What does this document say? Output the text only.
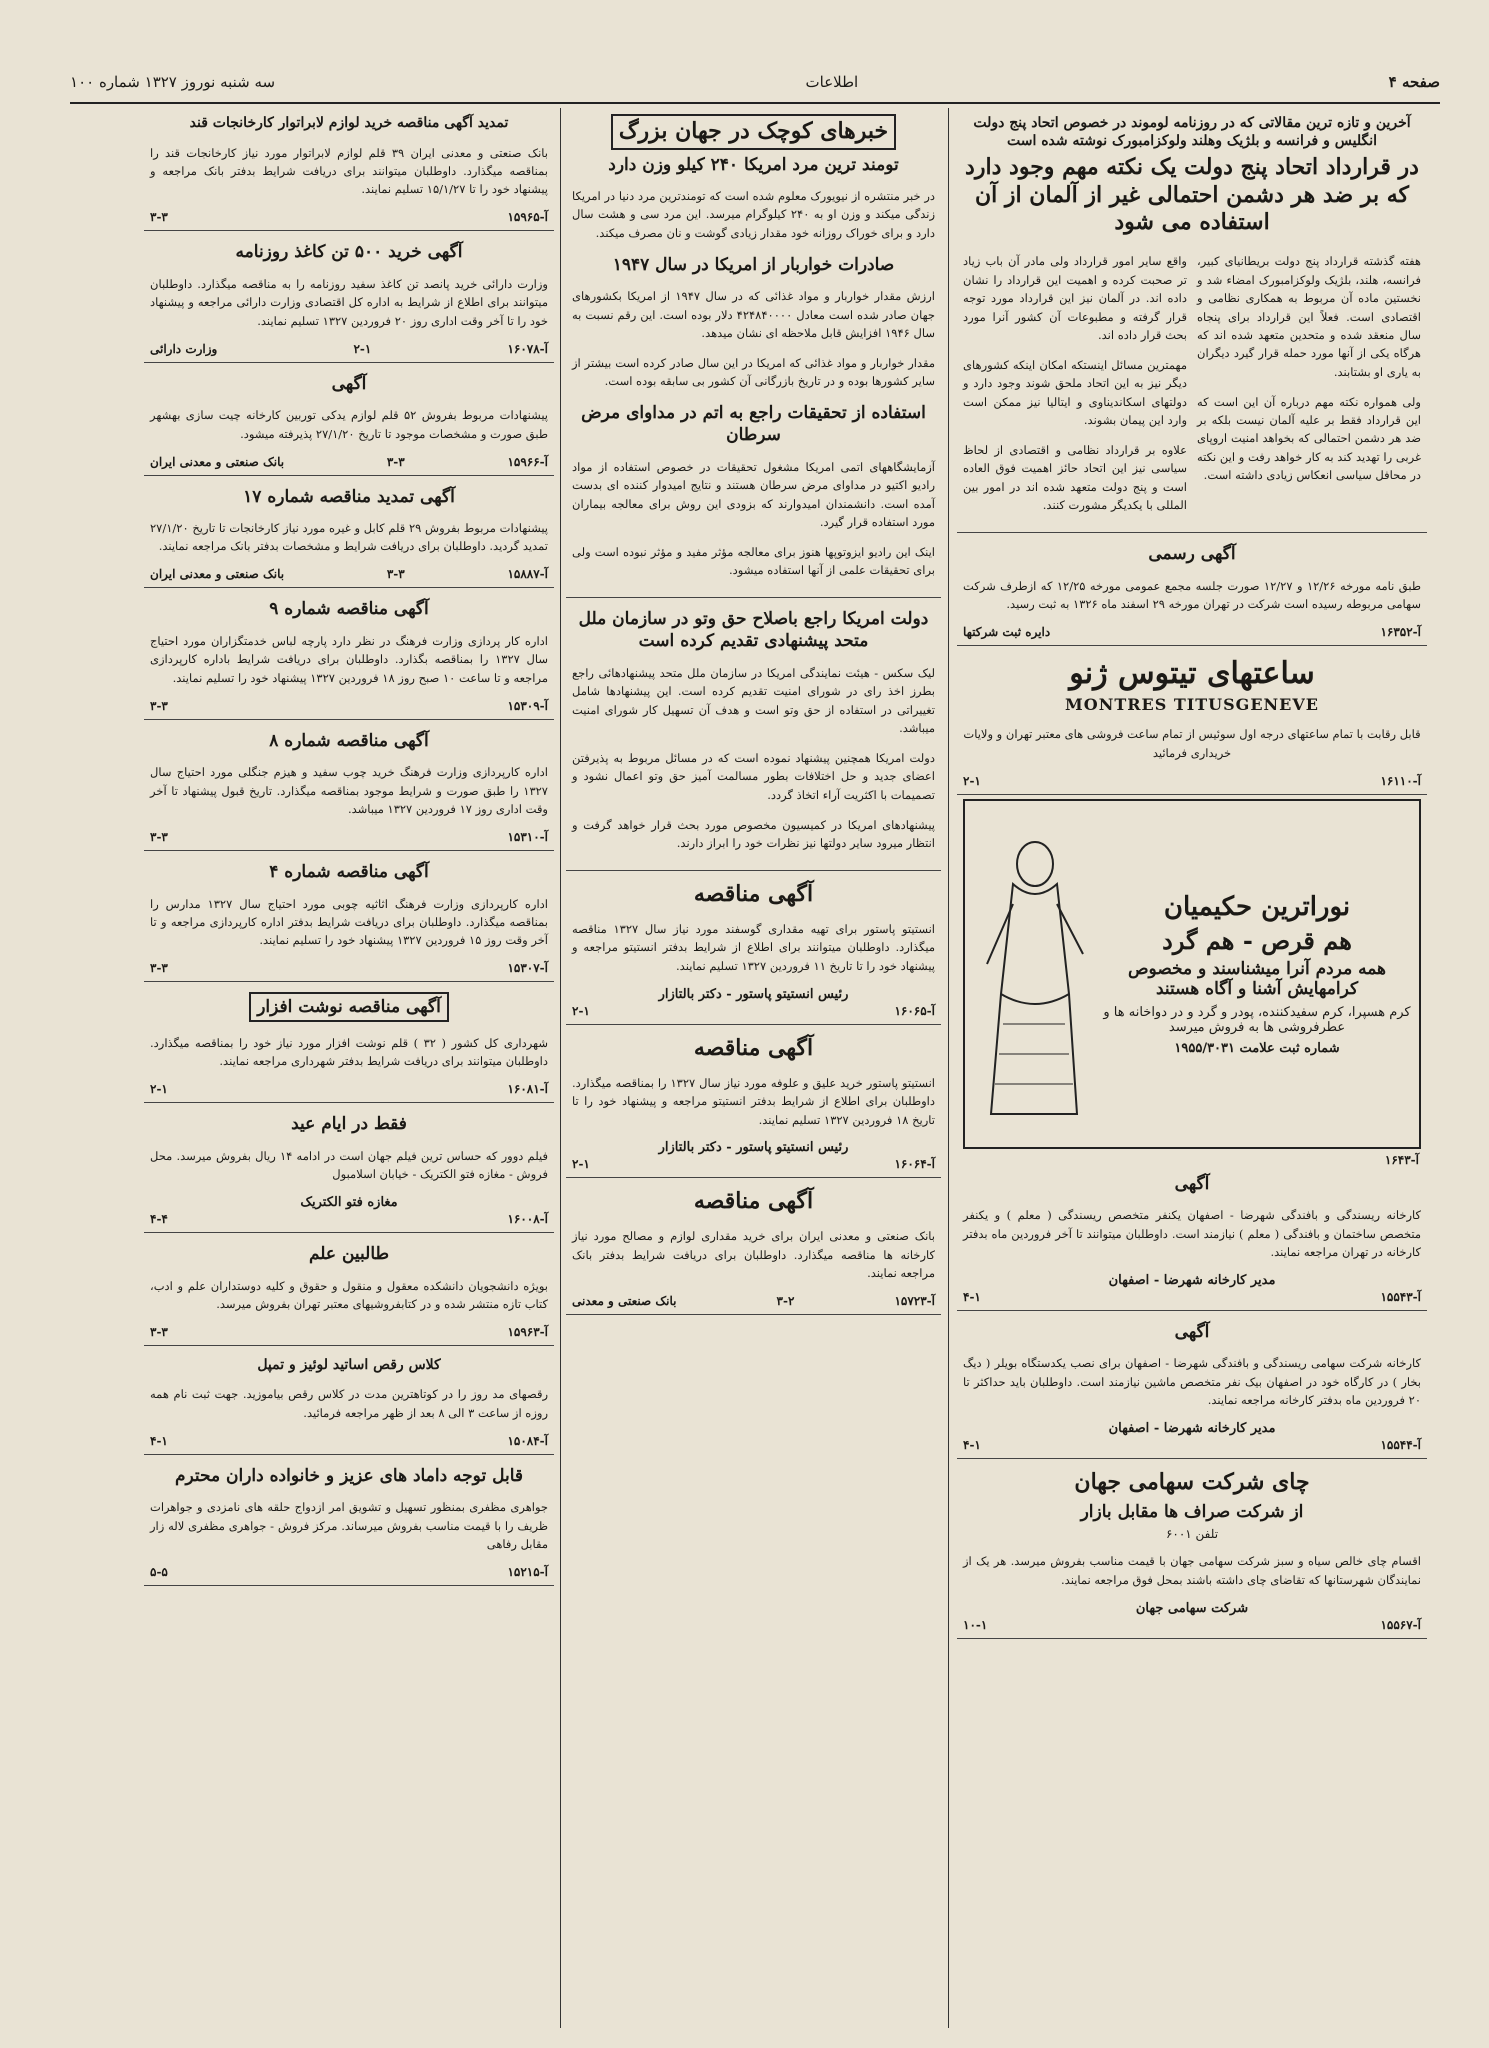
صفحه ۴
اطلاعات
سه شنبه نوروز ۱۳۲۷ شماره ۱۰۰
آخرین و تازه ترین مقالاتی که در روزنامه لوموند در خصوص اتحاد پنج دولت انگلیس و فرانسه و بلژیک وهلند ولوکزامبورک نوشته شده است
در قرارداد اتحاد پنج دولت یک نکته مهم وجود دارد که بر ضد هر دشمن احتمالی غیر از آلمان از آن استفاده می شود

هفته گذشته قرارداد پنج دولت بریطانیای کبیر، فرانسه، هلند، بلژیک ولوکزامبورک امضاء شد و نخستین ماده آن مربوط به همکاری نظامی و اقتصادی است. فعلاً این قرارداد برای پنجاه سال منعقد شده و متحدین متعهد شده اند که هرگاه یکی از آنها مورد حمله قرار گیرد دیگران به یاری او بشتابند.

ولی همواره نکته مهم درباره آن این است که این قرارداد فقط بر علیه آلمان نیست بلکه بر ضد هر دشمن احتمالی که بخواهد امنیت اروپای غربی را تهدید کند به کار خواهد رفت و این نکته در محافل سیاسی انعکاس زیادی داشته است.

واقع سایر امور قرارداد ولی مادر آن باب زیاد تر صحبت کرده و اهمیت این قرارداد را نشان داده اند. در آلمان نیز این قرارداد مورد توجه قرار گرفته و مطبوعات آن کشور آنرا مورد بحث قرار داده اند.

مهمترین مسائل اینستکه امکان اینکه کشورهای دیگر نیز به این اتحاد ملحق شوند وجود دارد و دولتهای اسکاندیناوی و ایتالیا نیز ممکن است وارد این پیمان بشوند.

علاوه بر قرارداد نظامی و اقتصادی از لحاظ سیاسی نیز این اتحاد حائز اهمیت فوق العاده است و پنج دولت متعهد شده اند در امور بین المللی با یکدیگر مشورت کنند.

آگهی رسمی

طبق نامه مورخه ۱۲/۲۶ و ۱۲/۲۷ صورت جلسه مجمع عمومی مورخه ۱۲/۲۵ که ازطرف شرکت سهامی مربوطه رسیده است شرکت در تهران مورخه ۲۹ اسفند ماه ۱۳۲۶ به ثبت رسید.

آ-۱۶۳۵۲
دایره ثبت شرکتها
ساعتهای تیتوس ژنو
MONTRES TITUSGENEVE

قابل رقابت با تمام ساعتهای درجه اول سوئیس از تمام ساعت فروشی های معتبر تهران و ولایات خریداری فرمائید

آ-۱۶۱۱۰
۲-۱
نوراترین حکیمیان
هم قرص - هم گرد
همه مردم آنرا میشناسند و مخصوص کرامهایش آشنا و آگاه هستند
کرم هسپرا، کرم سفیدکننده، پودر و گرد و در دواخانه ها و عطرفروشی ها به فروش میرسد
شماره ثبت علامت ۱۹۵۵/۳۰۳۱
آ-۱۶۴۳
آگهی

کارخانه ریسندگی و بافندگی شهرضا - اصفهان یکنفر متخصص ریسندگی ( معلم ) و یکنفر متخصص ساختمان و بافندگی ( معلم ) نیازمند است. داوطلبان میتوانند تا آخر فروردین ماه بدفتر کارخانه در تهران مراجعه نمایند.

مدیر کارخانه شهرضا - اصفهان
آ-۱۵۵۴۳
۴-۱
آگهی

کارخانه شرکت سهامی ریسندگی و بافندگی شهرضا - اصفهان برای نصب یکدستگاه بویلر ( دیگ بخار ) در کارگاه خود در اصفهان بیک نفر متخصص ماشین نیازمند است. داوطلبان باید حداکثر تا ۲۰ فروردین ماه بدفتر کارخانه مراجعه نمایند.

مدیر کارخانه شهرضا - اصفهان
آ-۱۵۵۴۴
۴-۱
چای شرکت سهامی جهان
از شرکت صراف ها مقابل بازار
تلفن ۶۰۰۱

اقسام چای خالص سیاه و سبز شرکت سهامی جهان با قیمت مناسب بفروش میرسد. هر یک از نمایندگان شهرستانها که تقاضای چای داشته باشند بمحل فوق مراجعه نمایند.

شرکت سهامی جهان
آ-۱۵۵۶۷
۱۰-۱
خبرهای کوچک در جهان بزرگ
تومند ترین مرد امریکا ۲۴۰ کیلو وزن دارد

در خبر منتشره از نیویورک معلوم شده است که تومندترین مرد دنیا در امریکا زندگی میکند و وزن او به ۲۴۰ کیلوگرام میرسد. این مرد سی و هشت سال دارد و برای خوراک روزانه خود مقدار زیادی گوشت و نان مصرف میکند.

صادرات خواربار از امریکا در سال ۱۹۴۷

ارزش مقدار خواربار و مواد غذائی که در سال ۱۹۴۷ از امریکا بکشورهای جهان صادر شده است معادل ۴۲۴۸۴۰۰۰۰ دلار بوده است. این رقم نسبت به سال ۱۹۴۶ افزایش قابل ملاحظه ای نشان میدهد.

مقدار خواربار و مواد غذائی که امریکا در این سال صادر کرده است بیشتر از سایر کشورها بوده و در تاریخ بازرگانی آن کشور بی سابقه بوده است.

استفاده از تحقیقات راجع به اتم در مداوای مرض سرطان

آزمایشگاههای اتمی امریکا مشغول تحقیقات در خصوص استفاده از مواد رادیو اکتیو در مداوای مرض سرطان هستند و نتایج امیدوار کننده ای بدست آمده است. دانشمندان امیدوارند که بزودی این روش برای معالجه بیماران مورد استفاده قرار گیرد.

اینک این رادیو ایزوتوپها هنوز برای معالجه مؤثر مفید و مؤثر نبوده است ولی برای تحقیقات علمی از آنها استفاده میشود.

دولت امریکا راجع باصلاح حق وتو در سازمان ملل متحد پیشنهادی تقدیم کرده است

لیک سکس - هیئت نمایندگی امریکا در سازمان ملل متحد پیشنهادهائی راجع بطرز اخذ رای در شورای امنیت تقدیم کرده است. این پیشنهادها شامل تغییراتی در استفاده از حق وتو است و هدف آن تسهیل کار شورای امنیت میباشد.

دولت امریکا همچنین پیشنهاد نموده است که در مسائل مربوط به پذیرفتن اعضای جدید و حل اختلافات بطور مسالمت آمیز حق وتو اعمال نشود و تصمیمات با اکثریت آراء اتخاذ گردد.

پیشنهادهای امریکا در کمیسیون مخصوص مورد بحث قرار خواهد گرفت و انتظار میرود سایر دولتها نیز نظرات خود را ابراز دارند.

آگهی مناقصه

انستیتو پاستور برای تهیه مقداری گوسفند مورد نیاز سال ۱۳۲۷ مناقصه میگذارد. داوطلبان میتوانند برای اطلاع از شرایط بدفتر انستیتو مراجعه و پیشنهاد خود را تا تاریخ ۱۱ فروردین ۱۳۲۷ تسلیم نمایند.

رئیس انستیتو پاستور - دکتر بالتازار
آ-۱۶۰۶۵
۲-۱
آگهی مناقصه

انستیتو پاستور خرید علیق و علوفه مورد نیاز سال ۱۳۲۷ را بمناقصه میگذارد. داوطلبان برای اطلاع از شرایط بدفتر انستیتو مراجعه و پیشنهاد خود را تا تاریخ ۱۸ فروردین ۱۳۲۷ تسلیم نمایند.

رئیس انستیتو پاستور - دکتر بالتازار
آ-۱۶۰۶۴
۲-۱
آگهی مناقصه

بانک صنعتی و معدنی ایران برای خرید مقداری لوازم و مصالح مورد نیاز کارخانه ها مناقصه میگذارد. داوطلبان برای دریافت شرایط بدفتر بانک مراجعه نمایند.

آ-۱۵۷۲۳
۳-۲
بانک صنعتی و معدنی
تمدید آگهی مناقصه خرید لوازم لابراتوار کارخانجات قند

بانک صنعتی و معدنی ایران ۳۹ قلم لوازم لابراتوار مورد نیاز کارخانجات قند را بمناقصه میگذارد. داوطلبان میتوانند برای دریافت شرایط بدفتر بانک مراجعه و پیشنهاد خود را تا ۱۵/۱/۲۷ تسلیم نمایند.

آ-۱۵۹۶۵
۳-۳
آگهی خرید ۵۰۰ تن کاغذ روزنامه

وزارت دارائی خرید پانصد تن کاغذ سفید روزنامه را به مناقصه میگذارد. داوطلبان میتوانند برای اطلاع از شرایط به اداره کل اقتصادی وزارت دارائی مراجعه و پیشنهاد خود را تا آخر وقت اداری روز ۲۰ فروردین ۱۳۲۷ تسلیم نمایند.

آ-۱۶۰۷۸
۲-۱
وزارت دارائی
آگهی

پیشنهادات مربوط بفروش ۵۲ قلم لوازم یدکی توربین کارخانه چیت سازی بهشهر طبق صورت و مشخصات موجود تا تاریخ ۲۷/۱/۲۰ پذیرفته میشود.

آ-۱۵۹۶۶
۳-۳
بانک صنعتی و معدنی ایران
آگهی تمدید مناقصه شماره ۱۷

پیشنهادات مربوط بفروش ۲۹ قلم کابل و غیره مورد نیاز کارخانجات تا تاریخ ۲۷/۱/۲۰ تمدید گردید. داوطلبان برای دریافت شرایط و مشخصات بدفتر بانک مراجعه نمایند.

آ-۱۵۸۸۷
۳-۳
بانک صنعتی و معدنی ایران
آگهی مناقصه شماره ۹

اداره کار پردازی وزارت فرهنگ در نظر دارد پارچه لباس خدمتگزاران مورد احتیاج سال ۱۳۲۷ را بمناقصه بگذارد. داوطلبان برای دریافت شرایط باداره کارپردازی مراجعه و تا ساعت ۱۰ صبح روز ۱۸ فروردین ۱۳۲۷ پیشنهاد خود را تسلیم نمایند.

آ-۱۵۳۰۹
۳-۳
آگهی مناقصه شماره ۸

اداره کارپردازی وزارت فرهنگ خرید چوب سفید و هیزم جنگلی مورد احتیاج سال ۱۳۲۷ را طبق صورت و شرایط موجود بمناقصه میگذارد. تاریخ قبول پیشنهاد تا آخر وقت اداری روز ۱۷ فروردین ۱۳۲۷ میباشد.

آ-۱۵۳۱۰
۳-۳
آگهی مناقصه شماره ۴

اداره کارپردازی وزارت فرهنگ اثاثیه چوبی مورد احتیاج سال ۱۳۲۷ مدارس را بمناقصه میگذارد. داوطلبان برای دریافت شرایط بدفتر اداره کارپردازی مراجعه و تا آخر وقت روز ۱۵ فروردین ۱۳۲۷ پیشنهاد خود را تسلیم نمایند.

آ-۱۵۳۰۷
۳-۳
آگهی مناقصه نوشت افزار

شهرداری کل کشور ( ۳۲ ) قلم نوشت افزار مورد نیاز خود را بمناقصه میگذارد. داوطلبان میتوانند برای دریافت شرایط بدفتر شهرداری مراجعه نمایند.

آ-۱۶۰۸۱
۲-۱
فقط در ایام عید

فیلم دوور که حساس ترین فیلم جهان است در ادامه ۱۴ ریال بفروش میرسد. محل فروش - مغازه فتو الکتریک - خیابان اسلامبول

مغازه فتو الکتریک
آ-۱۶۰۰۸
۴-۴
طالبین علم

بویژه دانشجویان دانشکده معقول و منقول و حقوق و کلیه دوستداران علم و ادب، کتاب تازه منتشر شده و در کتابفروشیهای معتبر تهران بفروش میرسد.

آ-۱۵۹۶۳
۳-۳
کلاس رقص اساتید لوئیز و تمپل

رقصهای مد روز را در کوتاهترین مدت در کلاس رقص بیاموزید. جهت ثبت نام همه روزه از ساعت ۳ الی ۸ بعد از ظهر مراجعه فرمائید.

آ-۱۵۰۸۴
۴-۱
قابل توجه داماد های عزیز و خانواده داران محترم

جواهری مظفری بمنظور تسهیل و تشویق امر ازدواج حلقه های نامزدی و جواهرات ظریف را با قیمت مناسب بفروش میرساند. مرکز فروش - جواهری مظفری لاله زار مقابل رفاهی

آ-۱۵۲۱۵
۵-۵
